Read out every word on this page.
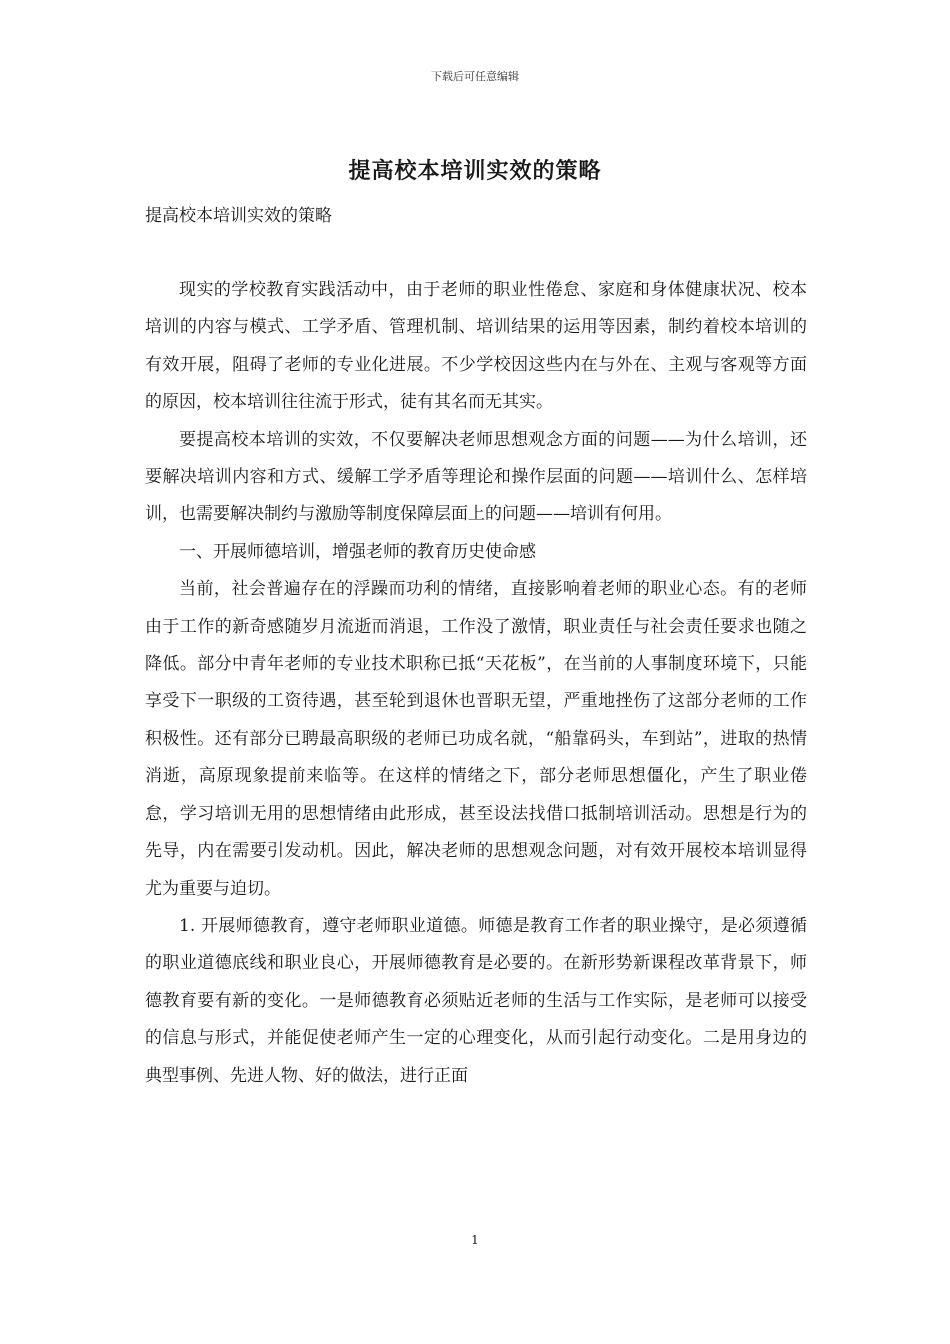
下载后可任意编辑
提高校本培训实效的策略
提高校本培训实效的策略

现实的学校教育实践活动中，由于老师的职业性倦怠、家庭和身体健康状况、校本培训的内容与模式、工学矛盾、管理机制、培训结果的运用等因素，制约着校本培训的有效开展，阻碍了老师的专业化进展。不少学校因这些内在与外在、主观与客观等方面的原因，校本培训往往流于形式，徒有其名而无其实。

要提高校本培训的实效，不仅要解决老师思想观念方面的问题——为什么培训，还要解决培训内容和方式、缓解工学矛盾等理论和操作层面的问题——培训什么、怎样培训，也需要解决制约与激励等制度保障层面上的问题——培训有何用。

一、开展师德培训，增强老师的教育历史使命感

当前，社会普遍存在的浮躁而功利的情绪，直接影响着老师的职业心态。有的老师由于工作的新奇感随岁月流逝而消退，工作没了激情，职业责任与社会责任要求也随之降低。部分中青年老师的专业技术职称已抵“天花板”，在当前的人事制度环境下，只能享受下一职级的工资待遇，甚至轮到退休也晋职无望，严重地挫伤了这部分老师的工作积极性。还有部分已聘最高职级的老师已功成名就，“船靠码头，车到站”，进取的热情消逝，高原现象提前来临等。在这样的情绪之下，部分老师思想僵化，产生了职业倦怠，学习培训无用的思想情绪由此形成，甚至设法找借口抵制培训活动。思想是行为的先导，内在需要引发动机。因此，解决老师的思想观念问题，对有效开展校本培训显得尤为重要与迫切。

1. 开展师德教育，遵守老师职业道德。师德是教育工作者的职业操守，是必须遵循的职业道德底线和职业良心，开展师德教育是必要的。在新形势新课程改革背景下，师德教育要有新的变化。一是师德教育必须贴近老师的生活与工作实际，是老师可以接受的信息与形式，并能促使老师产生一定的心理变化，从而引起行动变化。二是用身边的典型事例、先进人物、好的做法，进行正面

1
